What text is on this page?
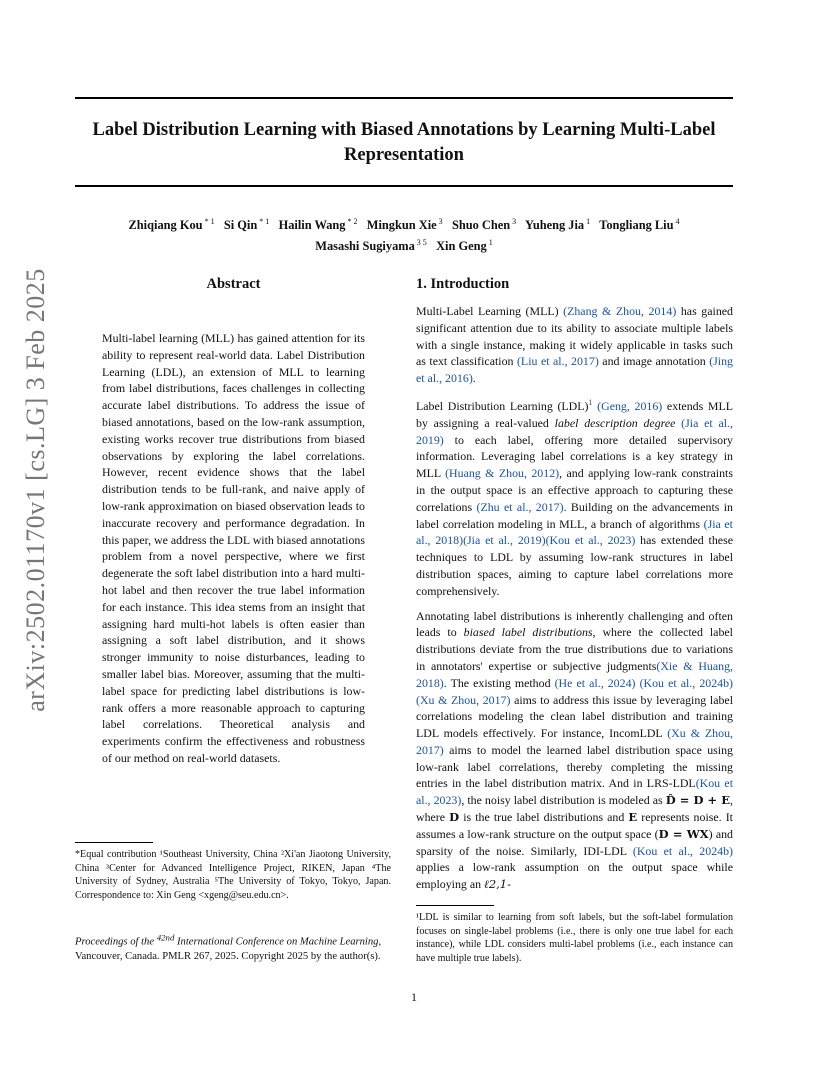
arXiv:2502.01170v1 [cs.LG] 3 Feb 2025
Label Distribution Learning with Biased Annotations by Learning Multi-Label Representation
Zhiqiang Kou $^{* 1}$  Si Qin $^{* 1}$  Hailin Wang $^{* 2}$  Mingkun Xie $^3$  Shuo Chen $^3$  Yuheng Jia $^1$  Tongliang Liu $^4$
Masashi Sugiyama $^{3 5}$  Xin Geng $^1$
Abstract

Multi-label learning (MLL) has gained attention for its ability to represent real-world data. Label Distribution Learning (LDL), an extension of MLL to learning from label distributions, faces challenges in collecting accurate label distributions. To address the issue of biased annotations, based on the low-rank assumption, existing works recover true distributions from biased observations by exploring the label correlations. However, recent evidence shows that the label distribution tends to be full-rank, and naive apply of low-rank approximation on biased observation leads to inaccurate recovery and performance degradation. In this paper, we address the LDL with biased annotations problem from a novel perspective, where we first degenerate the soft label distribution into a hard multi-hot label and then recover the true label information for each instance. This idea stems from an insight that assigning hard multi-hot labels is often easier than assigning a soft label distribution, and it shows stronger immunity to noise disturbances, leading to smaller label bias. Moreover, assuming that the multi-label space for predicting label distributions is low-rank offers a more reasonable approach to capturing label correlations. Theoretical analysis and experiments confirm the effectiveness and robustness of our method on real-world datasets.

*Equal contribution ¹Southeast University, China ²Xi'an Jiaotong University, China ³Center for Advanced Intelligence Project, RIKEN, Japan ⁴The University of Sydney, Australia ⁵The University of Tokyo, Tokyo, Japan. Correspondence to: Xin Geng <xgeng@seu.edu.cn>.
Proceedings of the $^{42nd}$ International Conference on Machine Learning, Vancouver, Canada. PMLR 267, 2025. Copyright 2025 by the author(s).
1. Introduction

Multi-Label Learning (MLL) (Zhang & Zhou, 2014) has gained significant attention due to its ability to associate multiple labels with a single instance, making it widely applicable in tasks such as text classification (Liu et al., 2017) and image annotation (Jing et al., 2016).

Label Distribution Learning (LDL)$^1$ (Geng, 2016) extends MLL by assigning a real-valued label description degree (Jia et al., 2019) to each label, offering more detailed supervisory information. Leveraging label correlations is a key strategy in MLL (Huang & Zhou, 2012), and applying low-rank constraints in the output space is an effective approach to capturing these correlations (Zhu et al., 2017). Building on the advancements in label correlation modeling in MLL, a branch of algorithms (Jia et al., 2018)(Jia et al., 2019)(Kou et al., 2023) has extended these techniques to LDL by assuming low-rank structures in label distribution spaces, aiming to capture label correlations more comprehensively.

Annotating label distributions is inherently challenging and often leads to biased label distributions, where the collected label distributions deviate from the true distributions due to variations in annotators' expertise or subjective judgments(Xie & Huang, 2018). The existing method (He et al., 2024) (Kou et al., 2024b) (Xu & Zhou, 2017) aims to address this issue by leveraging label correlations modeling the clean label distribution and training LDL models effectively. For instance, IncomLDL (Xu & Zhou, 2017) aims to model the learned label distribution space using low-rank label correlations, thereby completing the missing entries in the label distribution matrix. And in LRS-LDL(Kou et al., 2023), the noisy label distribution is modeled as D̂ = D + E, where D is the true label distributions and E represents noise. It assumes a low-rank structure on the output space (D = WX) and sparsity of the noise. Similarly, IDI-LDL (Kou et al., 2024b) applies a low-rank assumption on the output space while employing an ℓ2,1-

¹LDL is similar to learning from soft labels, but the soft-label formulation focuses on single-label problems (i.e., there is only one true label for each instance), while LDL considers multi-label problems (i.e., each instance can have multiple true labels).
1
